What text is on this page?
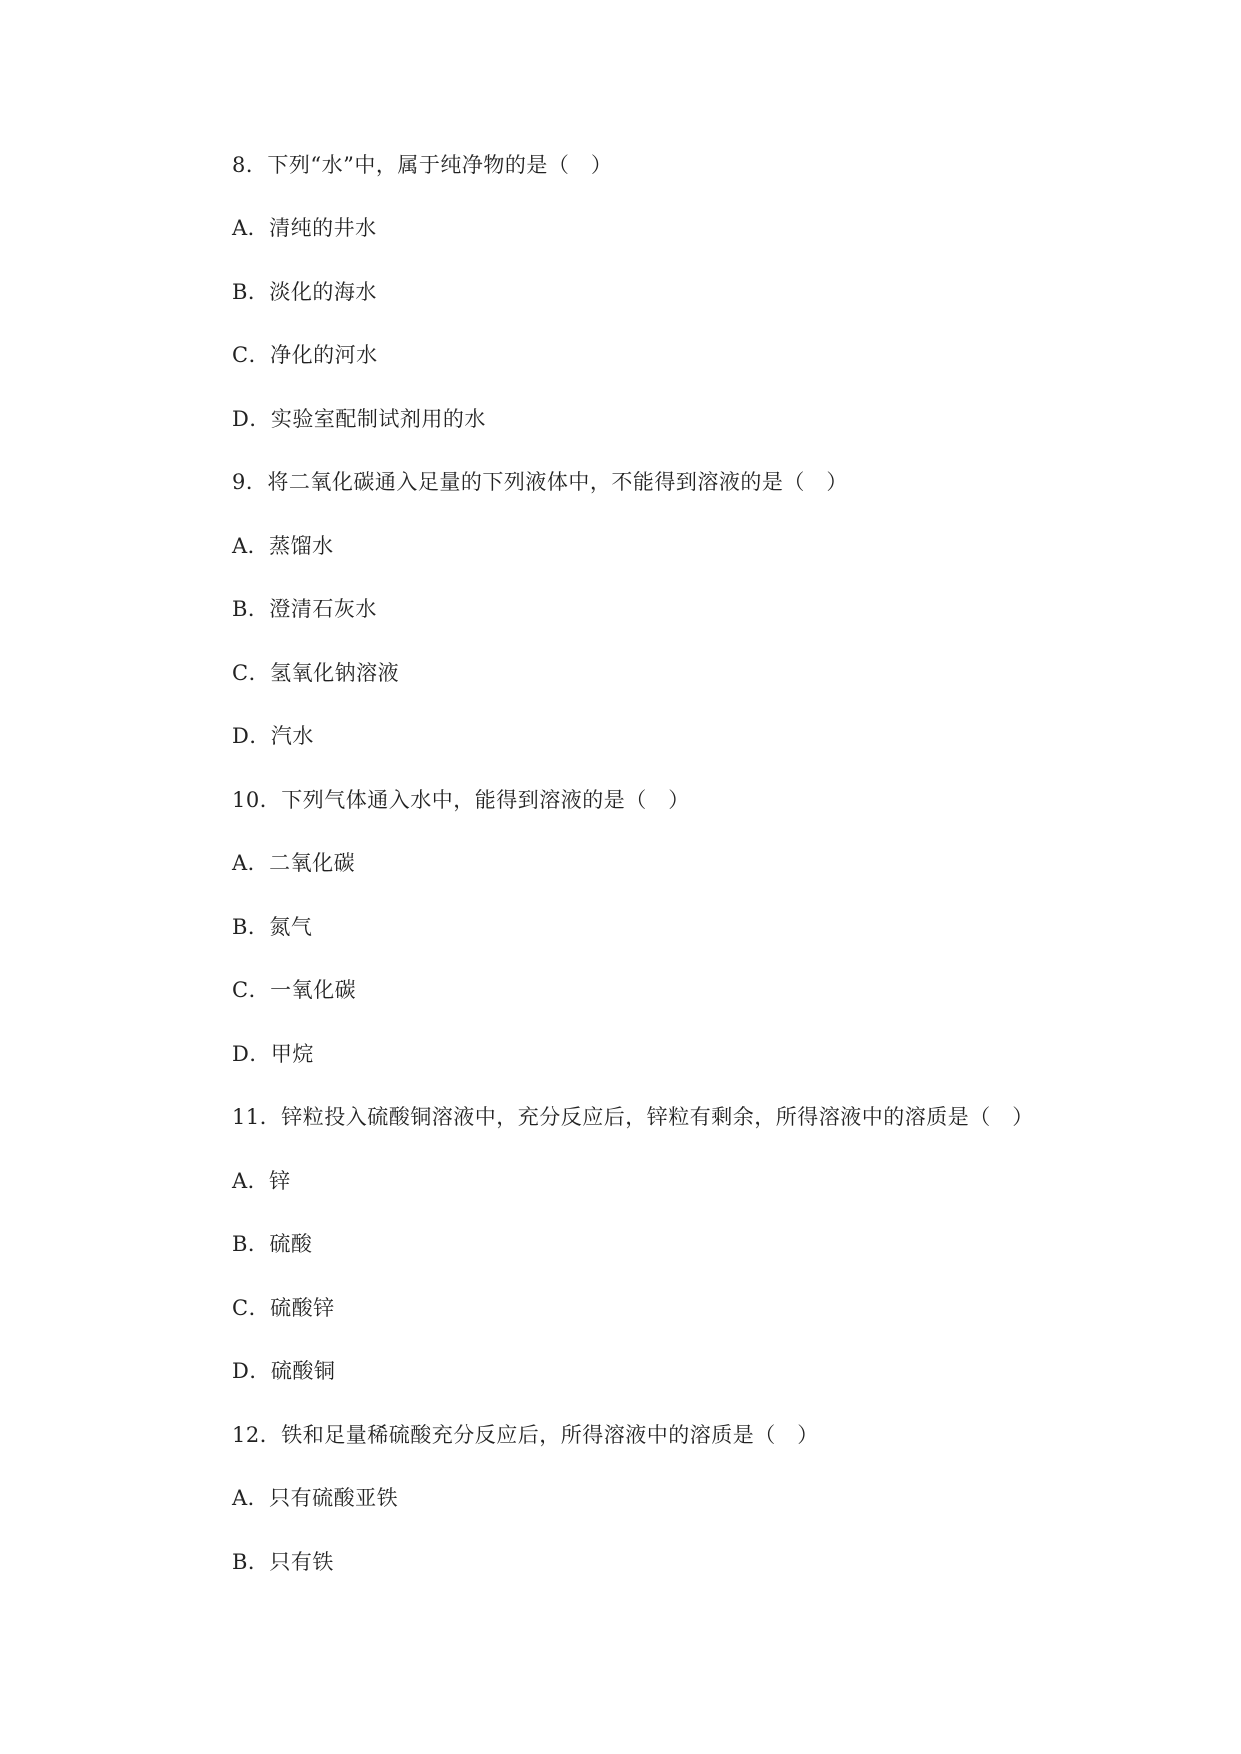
8．下列“水”中，属于纯净物的是（　）
A．清纯的井水
B．淡化的海水
C．净化的河水
D．实验室配制试剂用的水
9．将二氧化碳通入足量的下列液体中，不能得到溶液的是（　）
A．蒸馏水
B．澄清石灰水
C．氢氧化钠溶液
D．汽水
10．下列气体通入水中，能得到溶液的是（　）
A．二氧化碳
B．氮气
C．一氧化碳
D．甲烷
11．锌粒投入硫酸铜溶液中，充分反应后，锌粒有剩余，所得溶液中的溶质是（　）
A．锌
B．硫酸
C．硫酸锌
D．硫酸铜
12．铁和足量稀硫酸充分反应后，所得溶液中的溶质是（　）
A．只有硫酸亚铁
B．只有铁
